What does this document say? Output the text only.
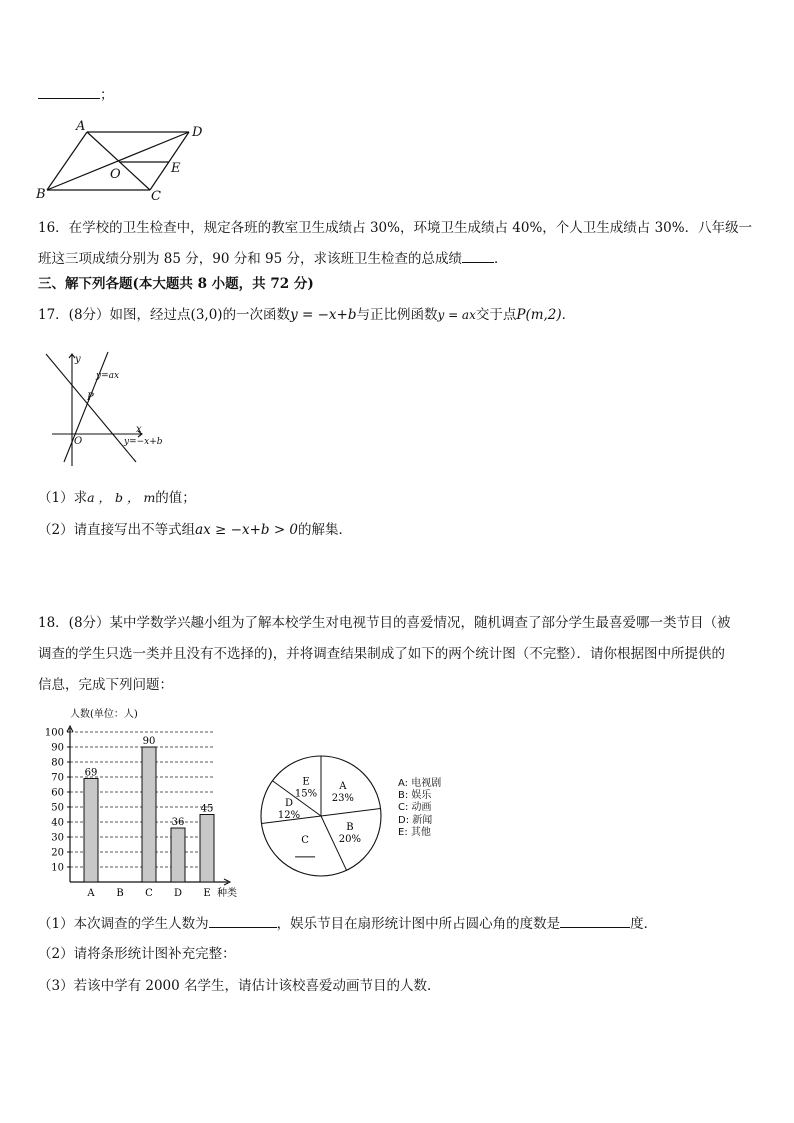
；
A	D
B	C
E
O
16．在学校的卫生检查中，规定各班的教室卫生成绩占 30%，环境卫生成绩占 40%，个人卫生成绩占 30%．八年级一
班这三项成绩分别为 85 分，90 分和 95 分，求该班卫生检查的总成绩 ．
三、解下列各题(本大题共 8 小题，共 72 分)
17．(8分）如图，经过点(3,0)的一次函数y = −x+b与正比例函数y = ax交于点P(m,2)．
y
x
O
P
y=ax
y=−x+b
（1）求a ， b ， m的值；
（2）请直接写出不等式组ax ≥ −x+b > 0的解集．
18．(8分）某中学数学兴趣小组为了解本校学生对电视节目的喜爱情况，随机调查了部分学生最喜爱哪一类节目（被
调查的学生只选一类并且没有不选择的)，并将调查结果制成了如下的两个统计图（不完整）．请你根据图中所提供的
信息，完成下列问题：
人数(单位：人)
10
20
30
40
50
60
70
80
90
100
69
A B
90
C
36
D
45
E 种类
A
23%
B
20%
C
D
12%
E
15%
A: 电视剧
B: 娱乐
C: 动画
D: 新闻
E: 其他
（1）本次调查的学生人数为	，娱乐节目在扇形统计图中所占圆心角的度数是	度．
（2）请将条形统计图补充完整：
（3）若该中学有 2000 名学生，请估计该校喜爱动画节目的人数．
